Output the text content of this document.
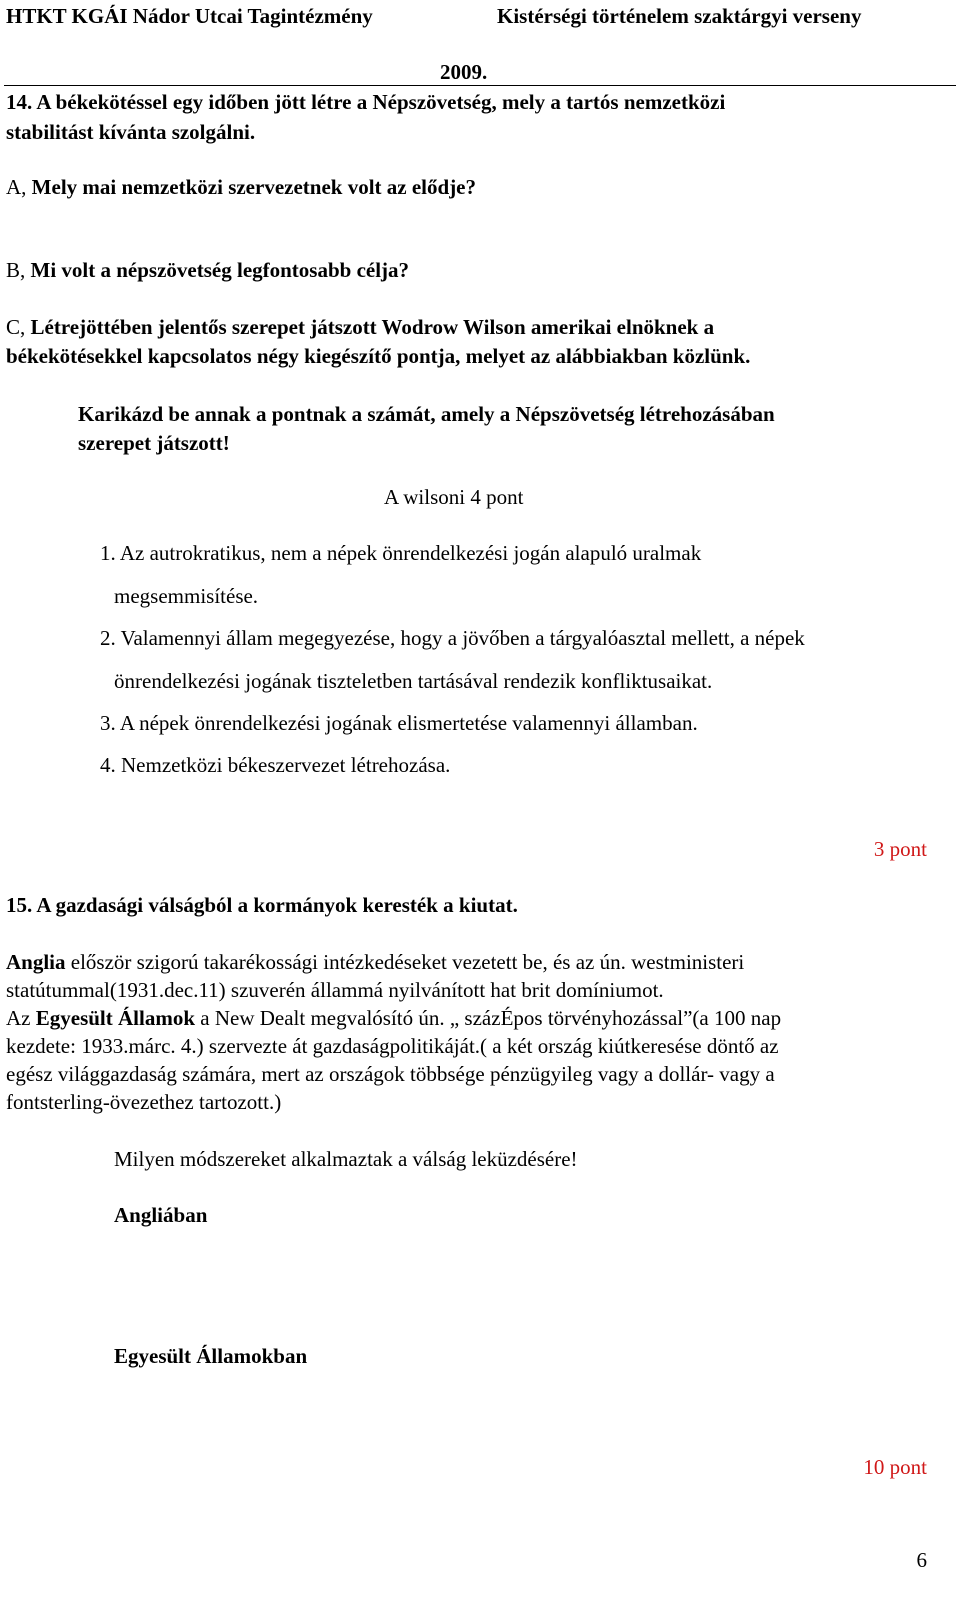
HTKT KGÁI Nádor Utcai Tagintézmény	Kistérségi történelem szaktárgyi verseny
2009.
14. A békekötéssel egy időben jött létre a Népszövetség, mely a tartós nemzetközi
stabilitást kívánta szolgálni.
A, Mely mai nemzetközi szervezetnek volt az elődje?
B, Mi volt a népszövetség legfontosabb célja?
C, Létrejöttében jelentős szerepet játszott Wodrow Wilson amerikai elnöknek a
békekötésekkel kapcsolatos négy kiegészítő pontja, melyet az alábbiakban közlünk.
Karikázd be annak a pontnak a számát, amely a Népszövetség létrehozásában
szerepet játszott!
A wilsoni 4 pont
1. Az autrokratikus, nem a népek önrendelkezési jogán alapuló uralmak
megsemmisítése.
2. Valamennyi állam megegyezése, hogy a jövőben a tárgyalóasztal mellett, a népek
önrendelkezési jogának tiszteletben tartásával rendezik konfliktusaikat.
3. A népek önrendelkezési jogának elismertetése valamennyi államban.
4. Nemzetközi békeszervezet létrehozása.
3 pont
15. A gazdasági válságból a kormányok keresték a kiutat.
Anglia először szigorú takarékossági intézkedéseket vezetett be, és az ún. westministeri
statútummal(1931.dec.11) szuverén állammá nyilvánított hat brit domíniumot.
Az Egyesült Államok a New Dealt megvalósító ún. „ százÉpos törvényhozással”(a 100 nap
kezdete: 1933.márc. 4.) szervezte át gazdaságpolitikáját.( a két ország kiútkeresése döntő az
egész világgazdaság számára, mert az országok többsége pénzügyileg vagy a dollár- vagy a
fontsterling-övezethez tartozott.)
Milyen módszereket alkalmaztak a válság leküzdésére!
Angliában
Egyesült Államokban
10 pont
6
